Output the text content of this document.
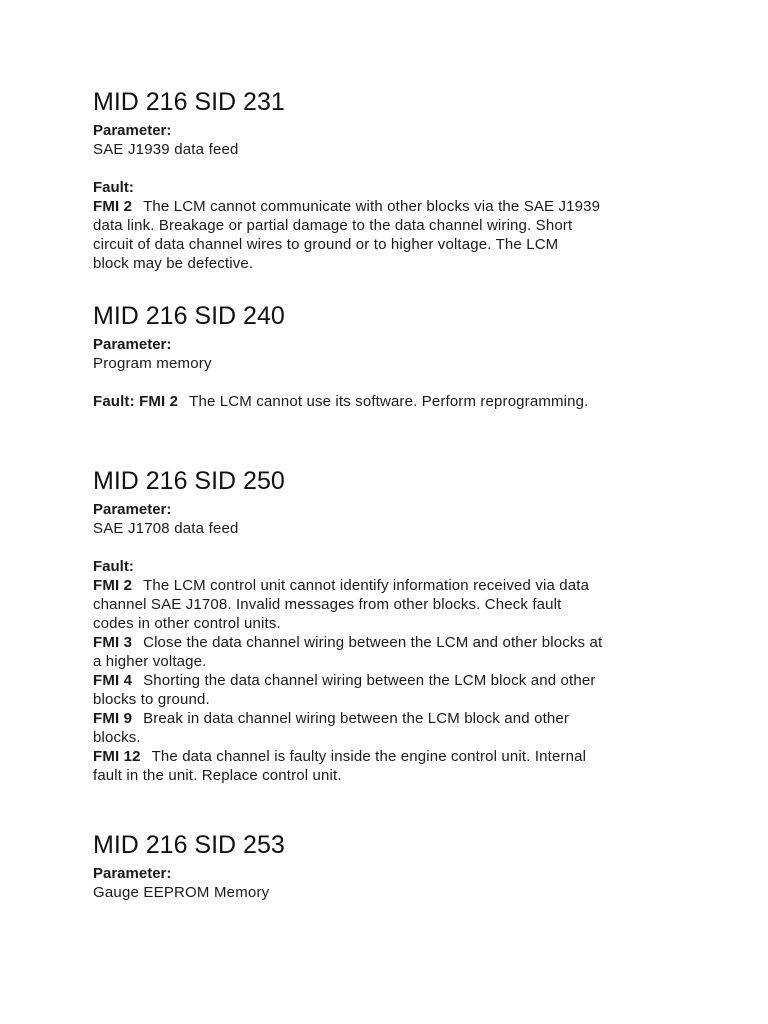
MID 216 SID 231

Parameter:

SAE J1939 data feed

Fault:

FMI 2 The LCM cannot communicate with other blocks via the SAE J1939

data link. Breakage or partial damage to the data channel wiring. Short

circuit of data channel wires to ground or to higher voltage. The LCM

block may be defective.

MID 216 SID 240

Parameter:

Program memory

Fault: FMI 2 The LCM cannot use its software. Perform reprogramming.

MID 216 SID 250

Parameter:

SAE J1708 data feed

Fault:

FMI 2 The LCM control unit cannot identify information received via data

channel SAE J1708. Invalid messages from other blocks. Check fault

codes in other control units.

FMI 3 Close the data channel wiring between the LCM and other blocks at

a higher voltage.

FMI 4 Shorting the data channel wiring between the LCM block and other

blocks to ground.

FMI 9 Break in data channel wiring between the LCM block and other

blocks.

FMI 12 The data channel is faulty inside the engine control unit. Internal

fault in the unit. Replace control unit.

MID 216 SID 253

Parameter:

Gauge EEPROM Memory
